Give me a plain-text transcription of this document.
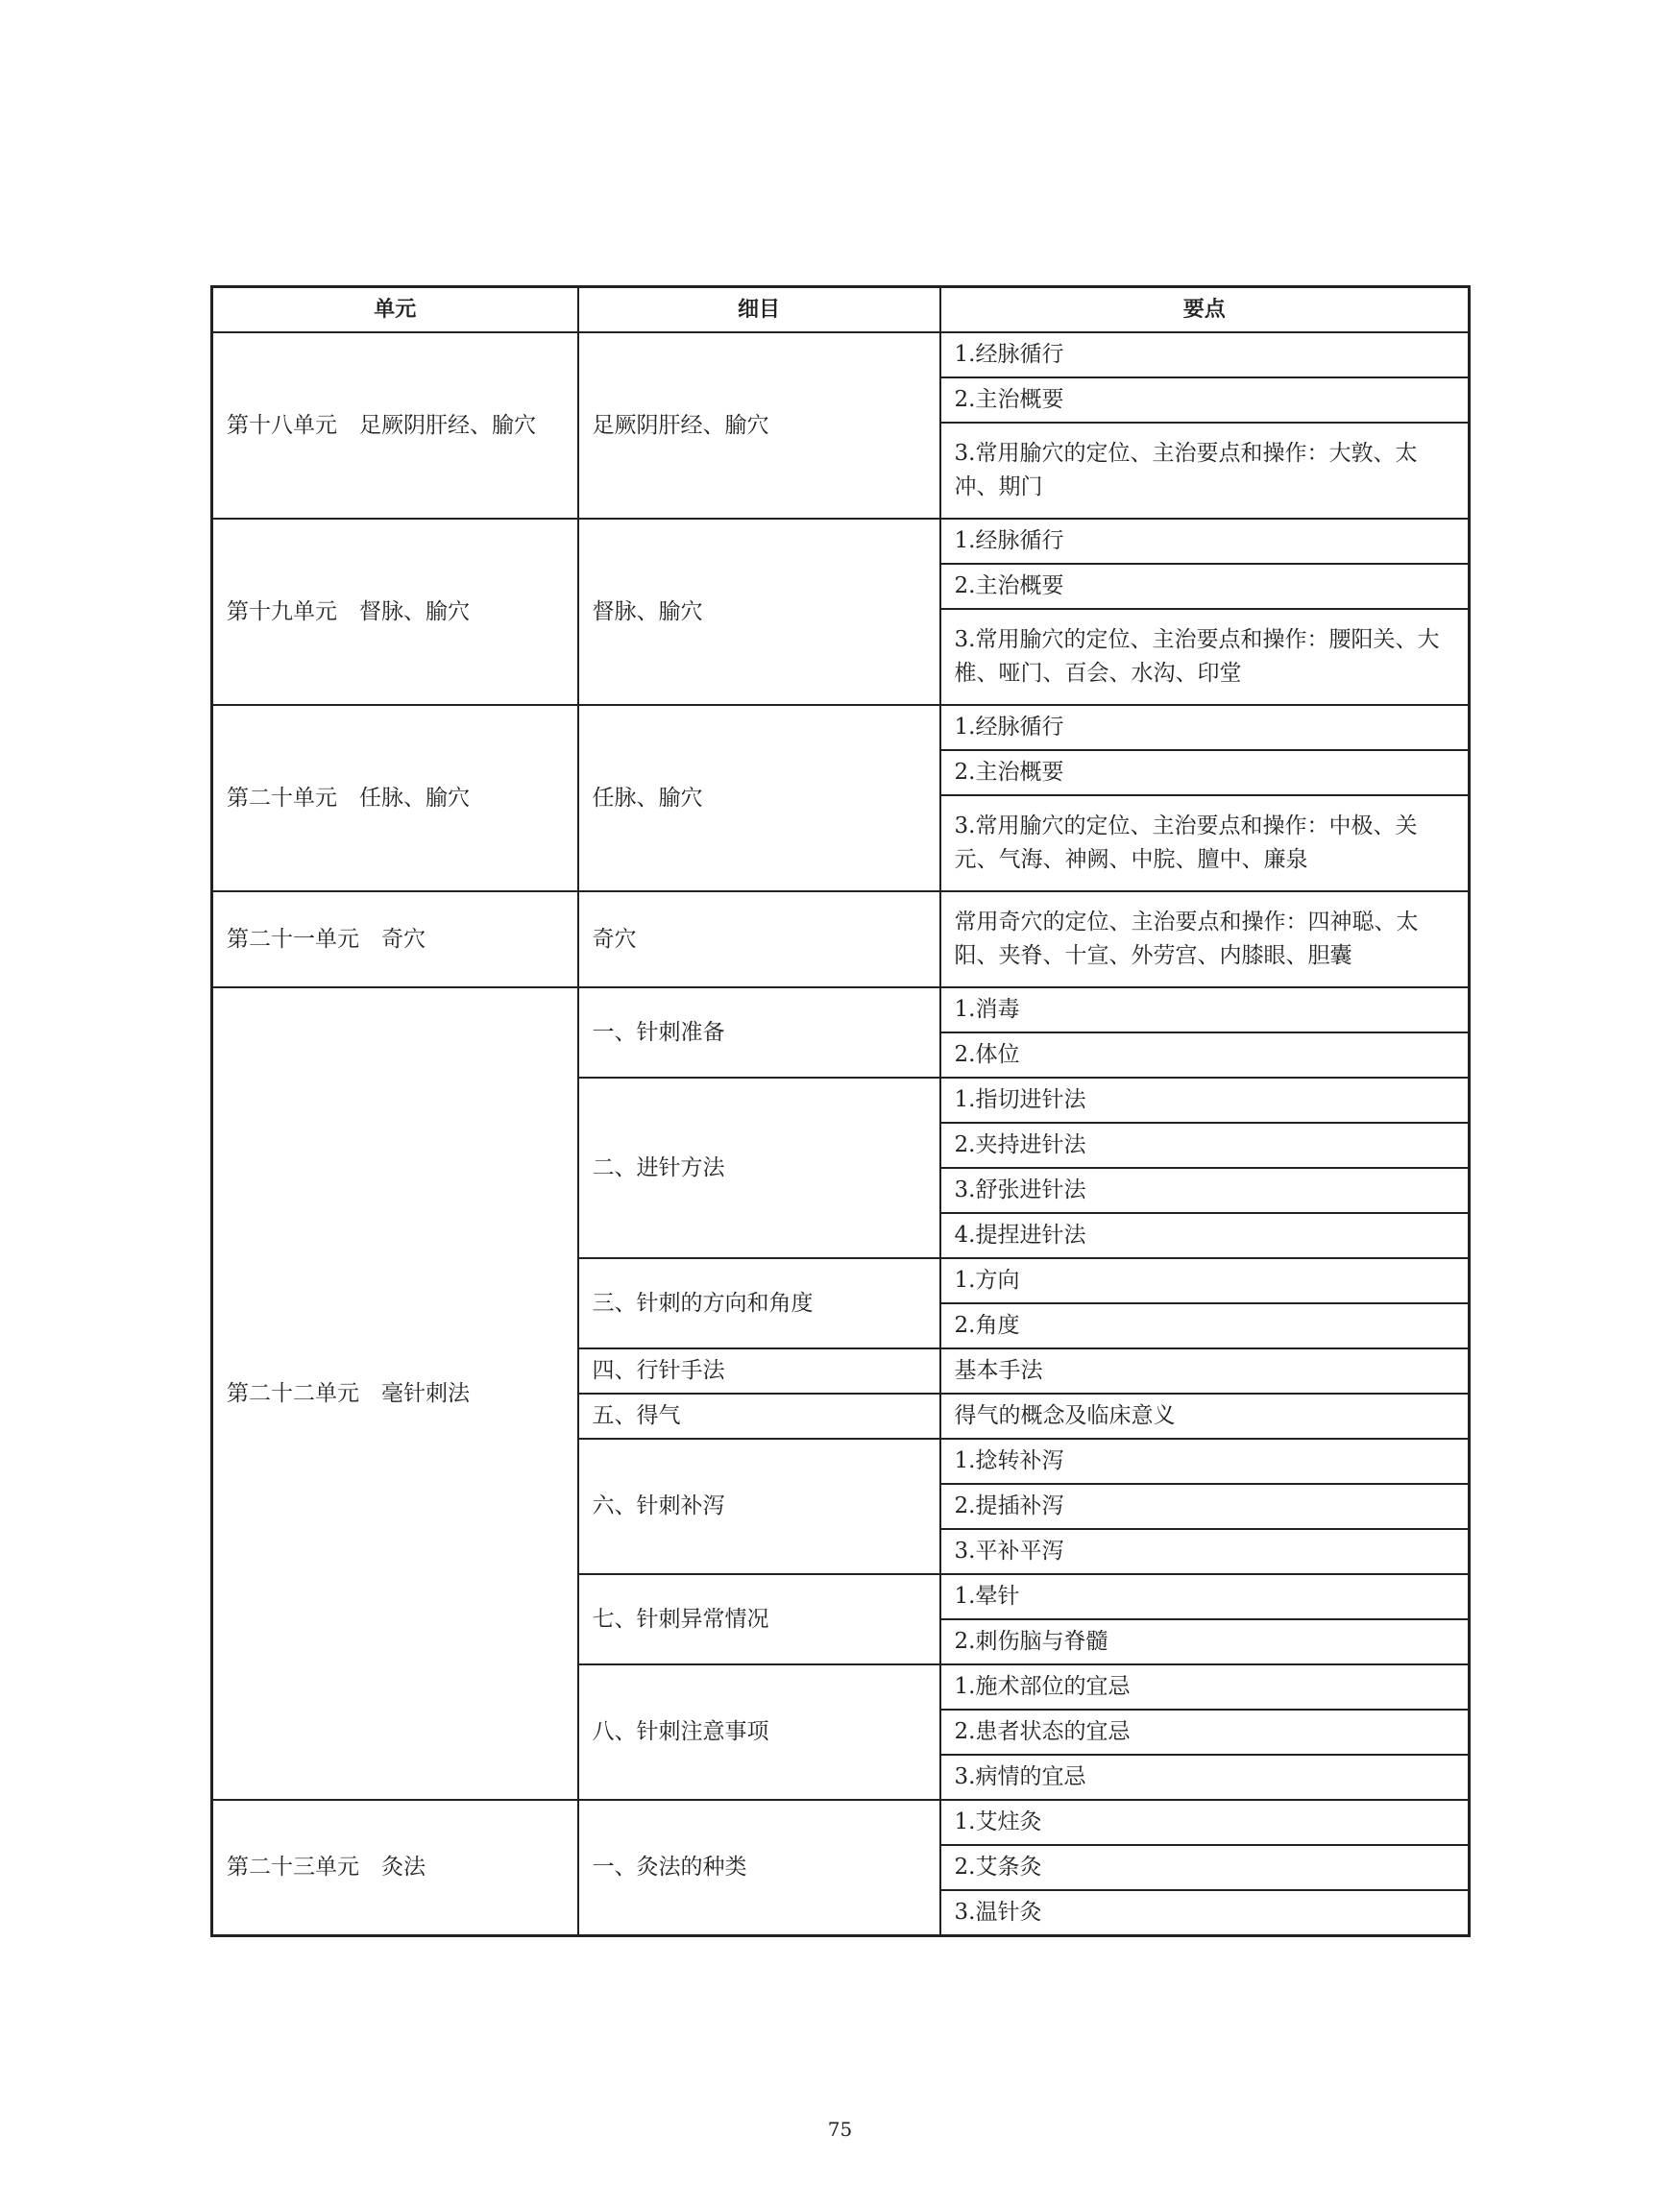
单元	细目	要点
第十八单元　足厥阴肝经、腧穴	足厥阴肝经、腧穴	1.经脉循行
		2.主治概要
		3.常用腧穴的定位、主治要点和操作：大敦、太冲、期门
第十九单元　督脉、腧穴	督脉、腧穴	1.经脉循行
		2.主治概要
		3.常用腧穴的定位、主治要点和操作：腰阳关、大椎、哑门、百会、水沟、印堂
第二十单元　任脉、腧穴	任脉、腧穴	1.经脉循行
		2.主治概要
		3.常用腧穴的定位、主治要点和操作：中极、关元、气海、神阙、中脘、膻中、廉泉
第二十一单元　奇穴	奇穴	常用奇穴的定位、主治要点和操作：四神聪、太阳、夹脊、十宣、外劳宫、内膝眼、胆囊
第二十二单元　毫针刺法	一、针刺准备	1.消毒
		2.体位
	二、进针方法	1.指切进针法
		2.夹持进针法
		3.舒张进针法
		4.提捏进针法
	三、针刺的方向和角度	1.方向
		2.角度
	四、行针手法	基本手法
	五、得气	得气的概念及临床意义
	六、针刺补泻	1.捻转补泻
		2.提插补泻
		3.平补平泻
	七、针刺异常情况	1.晕针
		2.刺伤脑与脊髓
	八、针刺注意事项	1.施术部位的宜忌
		2.患者状态的宜忌
		3.病情的宜忌
第二十三单元　灸法	一、灸法的种类	1.艾炷灸
		2.艾条灸
		3.温针灸
75
